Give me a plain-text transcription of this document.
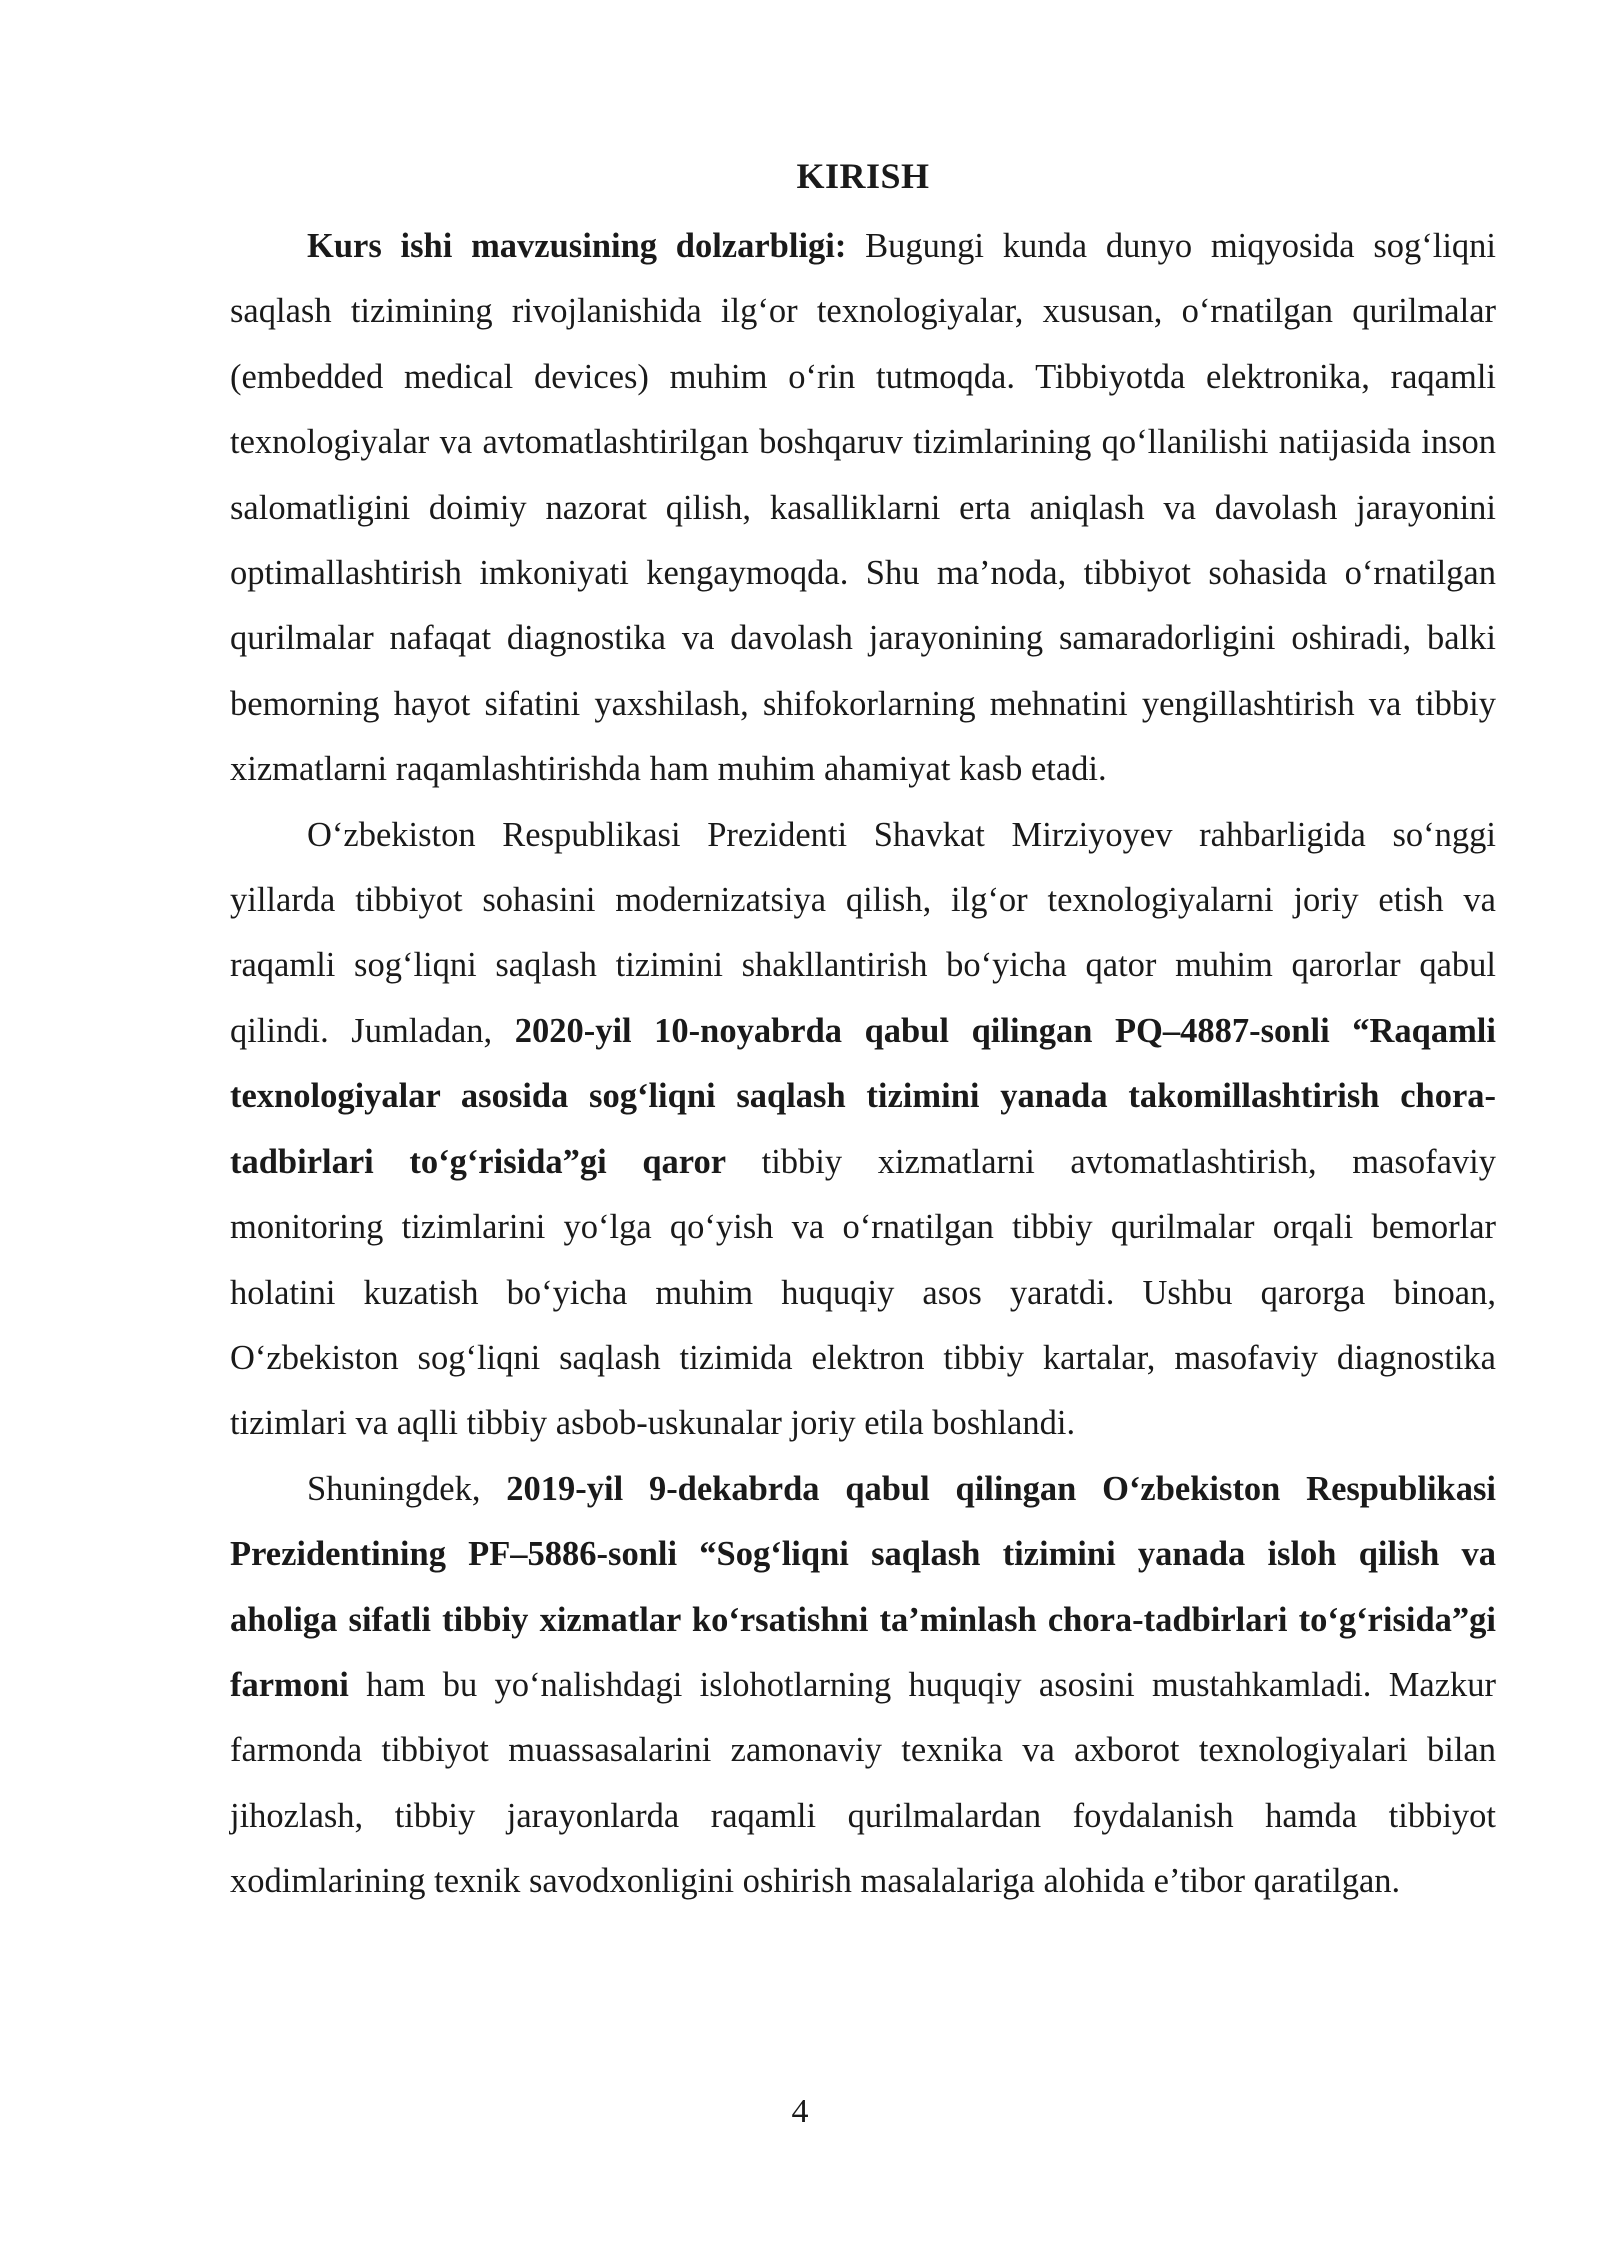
KIRISH

Kurs ishi mavzusining dolzarbligi: Bugungi kunda dunyo miqyosida sog‘liqni saqlash tizimining rivojlanishida ilg‘or texnologiyalar, xususan, o‘rnatilgan qurilmalar (embedded medical devices) muhim o‘rin tutmoqda. Tibbiyotda elektronika, raqamli texnologiyalar va avtomatlashtirilgan boshqaruv tizimlarining qo‘llanilishi natijasida inson salomatligini doimiy nazorat qilish, kasalliklarni erta aniqlash va davolash jarayonini optimallashtirish imkoniyati kengaymoqda. Shu ma’noda, tibbiyot sohasida o‘rnatilgan qurilmalar nafaqat diagnostika va davolash jarayonining samaradorligini oshiradi, balki bemorning hayot sifatini yaxshilash, shifokorlarning mehnatini yengillashtirish va tibbiy xizmatlarni raqamlashtirishda ham muhim ahamiyat kasb etadi.

O‘zbekiston Respublikasi Prezidenti Shavkat Mirziyoyev rahbarligida so‘nggi yillarda tibbiyot sohasini modernizatsiya qilish, ilg‘or texnologiyalarni joriy etish va raqamli sog‘liqni saqlash tizimini shakllantirish bo‘yicha qator muhim qarorlar qabul qilindi. Jumladan, 2020-yil 10-noyabrda qabul qilingan PQ–4887-sonli “Raqamli texnologiyalar asosida sog‘liqni saqlash tizimini yanada takomillashtirish chora-tadbirlari to‘g‘risida”gi qaror tibbiy xizmatlarni avtomatlashtirish, masofaviy monitoring tizimlarini yo‘lga qo‘yish va o‘rnatilgan tibbiy qurilmalar orqali bemorlar holatini kuzatish bo‘yicha muhim huquqiy asos yaratdi. Ushbu qarorga binoan, O‘zbekiston sog‘liqni saqlash tizimida elektron tibbiy kartalar, masofaviy diagnostika tizimlari va aqlli tibbiy asbob-uskunalar joriy etila boshlandi.

Shuningdek, 2019-yil 9-dekabrda qabul qilingan O‘zbekiston Respublikasi Prezidentining PF–5886-sonli “Sog‘liqni saqlash tizimini yanada isloh qilish va aholiga sifatli tibbiy xizmatlar ko‘rsatishni ta’minlash chora-tadbirlari to‘g‘risida”gi farmoni ham bu yo‘nalishdagi islohotlarning huquqiy asosini mustahkamladi. Mazkur farmonda tibbiyot muassasalarini zamonaviy texnika va axborot texnologiyalari bilan jihozlash, tibbiy jarayonlarda raqamli qurilmalardan foydalanish hamda tibbiyot xodimlarining texnik savodxonligini oshirish masalalariga alohida e’tibor qaratilgan.

4
